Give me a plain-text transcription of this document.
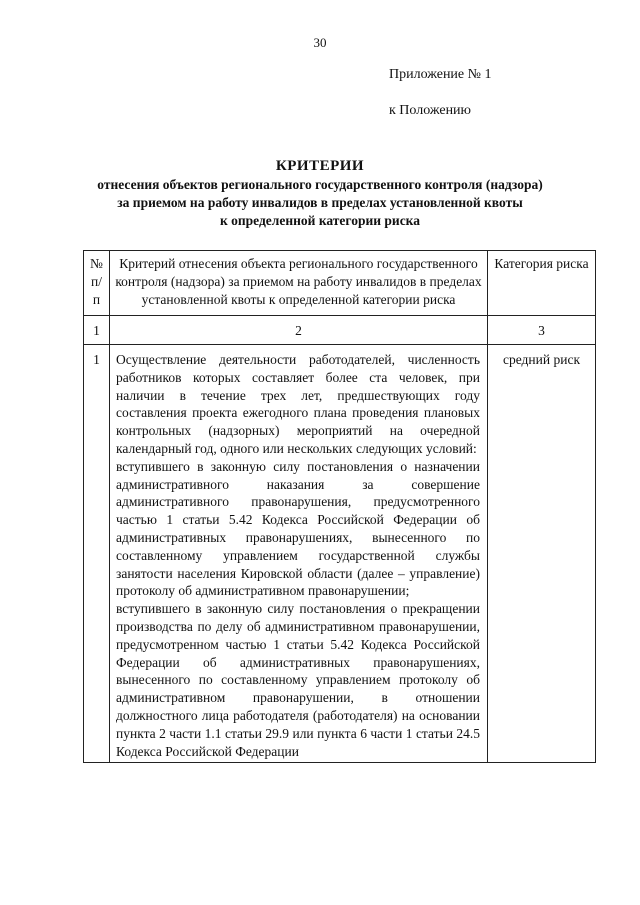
30
Приложение № 1
к Положению
КРИТЕРИИ
отнесения объектов регионального государственного контроля (надзора)
за приемом на работу инвалидов в пределах установленной квоты
к определенной категории риска
№ п/п	Критерий отнесения объекта регионального государственного контроля (надзора) за приемом на работу инвалидов в пределах установленной квоты к определенной категории риска	Категория риска
1	2	3
1	Осуществление деятельности работодателей, численность работников которых составляет более ста человек, при наличии в течение трех лет, предшествующих году составления проекта ежегодного плана проведения плановых контрольных (надзорных) мероприятий на очередной календарный год, одного или нескольких следующих условий:

вступившего в законную силу постановления о назначении административного наказания за совершение административного правонарушения, предусмотренного частью 1 статьи 5.42 Кодекса Российской Федерации об административных правонарушениях, вынесенного по составленному управлением государственной службы занятости населения Кировской области (далее – управление) протоколу об административном правонарушении;

вступившего в законную силу постановления о прекращении производства по делу об административном правонарушении, предусмотренном частью 1 статьи 5.42 Кодекса Российской Федерации об административных правонарушениях, вынесенного по составленному управлением протоколу об административном правонарушении, в отношении должностного лица работодателя (работодателя) на основании пункта 2 части 1.1 статьи 29.9 или пункта 6 части 1 статьи 24.5 Кодекса Российской Федерации	средний риск
